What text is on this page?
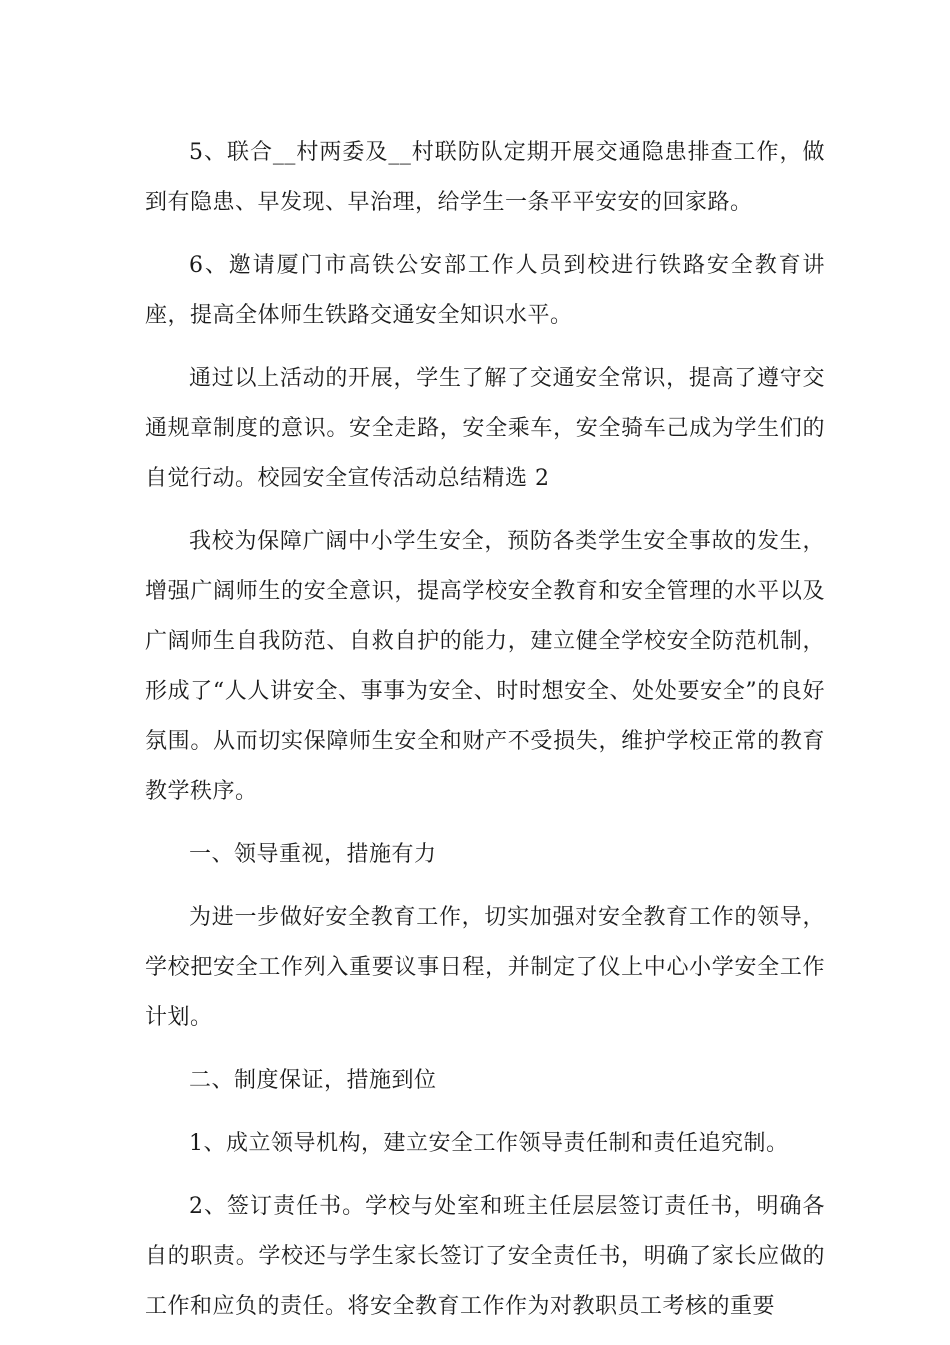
5、联合__村两委及__村联防队定期开展交通隐患排查工作，做到有隐患、早发现、早治理，给学生一条平平安安的回家路。

6、邀请厦门市高铁公安部工作人员到校进行铁路安全教育讲座，提高全体师生铁路交通安全知识水平。

通过以上活动的开展，学生了解了交通安全常识，提高了遵守交通规章制度的意识。安全走路，安全乘车，安全骑车己成为学生们的自觉行动。校园安全宣传活动总结精选 2

我校为保障广阔中小学生安全，预防各类学生安全事故的发生，增强广阔师生的安全意识，提高学校安全教育和安全管理的水平以及广阔师生自我防范、自救自护的能力，建立健全学校安全防范机制，形成了“人人讲安全、事事为安全、时时想安全、处处要安全”的良好氛围。从而切实保障师生安全和财产不受损失，维护学校正常的教育教学秩序。

一、领导重视，措施有力

为进一步做好安全教育工作，切实加强对安全教育工作的领导，学校把安全工作列入重要议事日程，并制定了仪上中心小学安全工作计划。

二、制度保证，措施到位

1、成立领导机构，建立安全工作领导责任制和责任追究制。

2、签订责任书。学校与处室和班主任层层签订责任书，明确各自的职责。学校还与学生家长签订了安全责任书，明确了家长应做的工作和应负的责任。将安全教育工作作为对教职员工考核的重要
